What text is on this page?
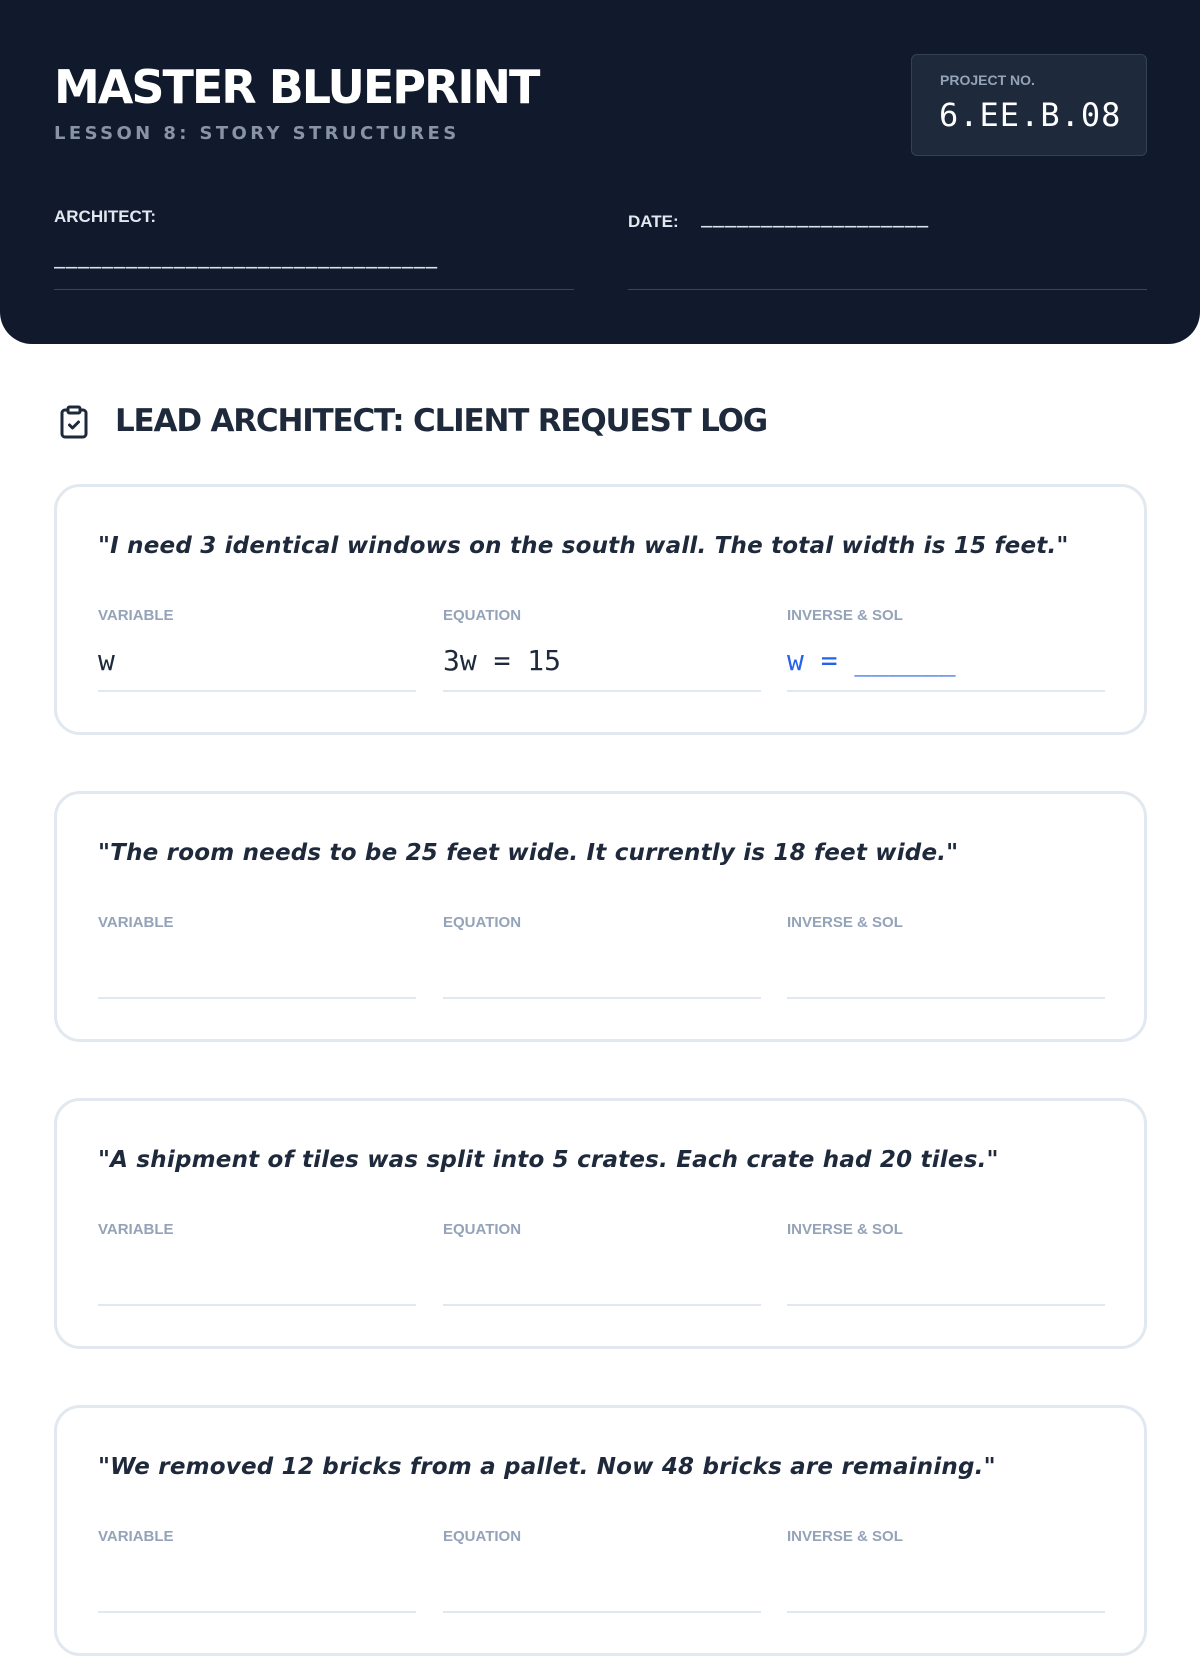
MASTER BLUEPRINT
LESSON 8: STORY STRUCTURES
PROJECT NO.
6.EE.B.08
ARCHITECT:
________________________________
DATE: ___________________
LEAD ARCHITECT: CLIENT REQUEST LOG
"I need 3 identical windows on the south wall. The total width is 15 feet."
VARIABLE
w
EQUATION
3w = 15
INVERSE & SOL
w = ______
"The room needs to be 25 feet wide. It currently is 18 feet wide."
VARIABLE	EQUATION	INVERSE & SOL
"A shipment of tiles was split into 5 crates. Each crate had 20 tiles."
VARIABLE	EQUATION	INVERSE & SOL
"We removed 12 bricks from a pallet. Now 48 bricks are remaining."
VARIABLE	EQUATION	INVERSE & SOL
